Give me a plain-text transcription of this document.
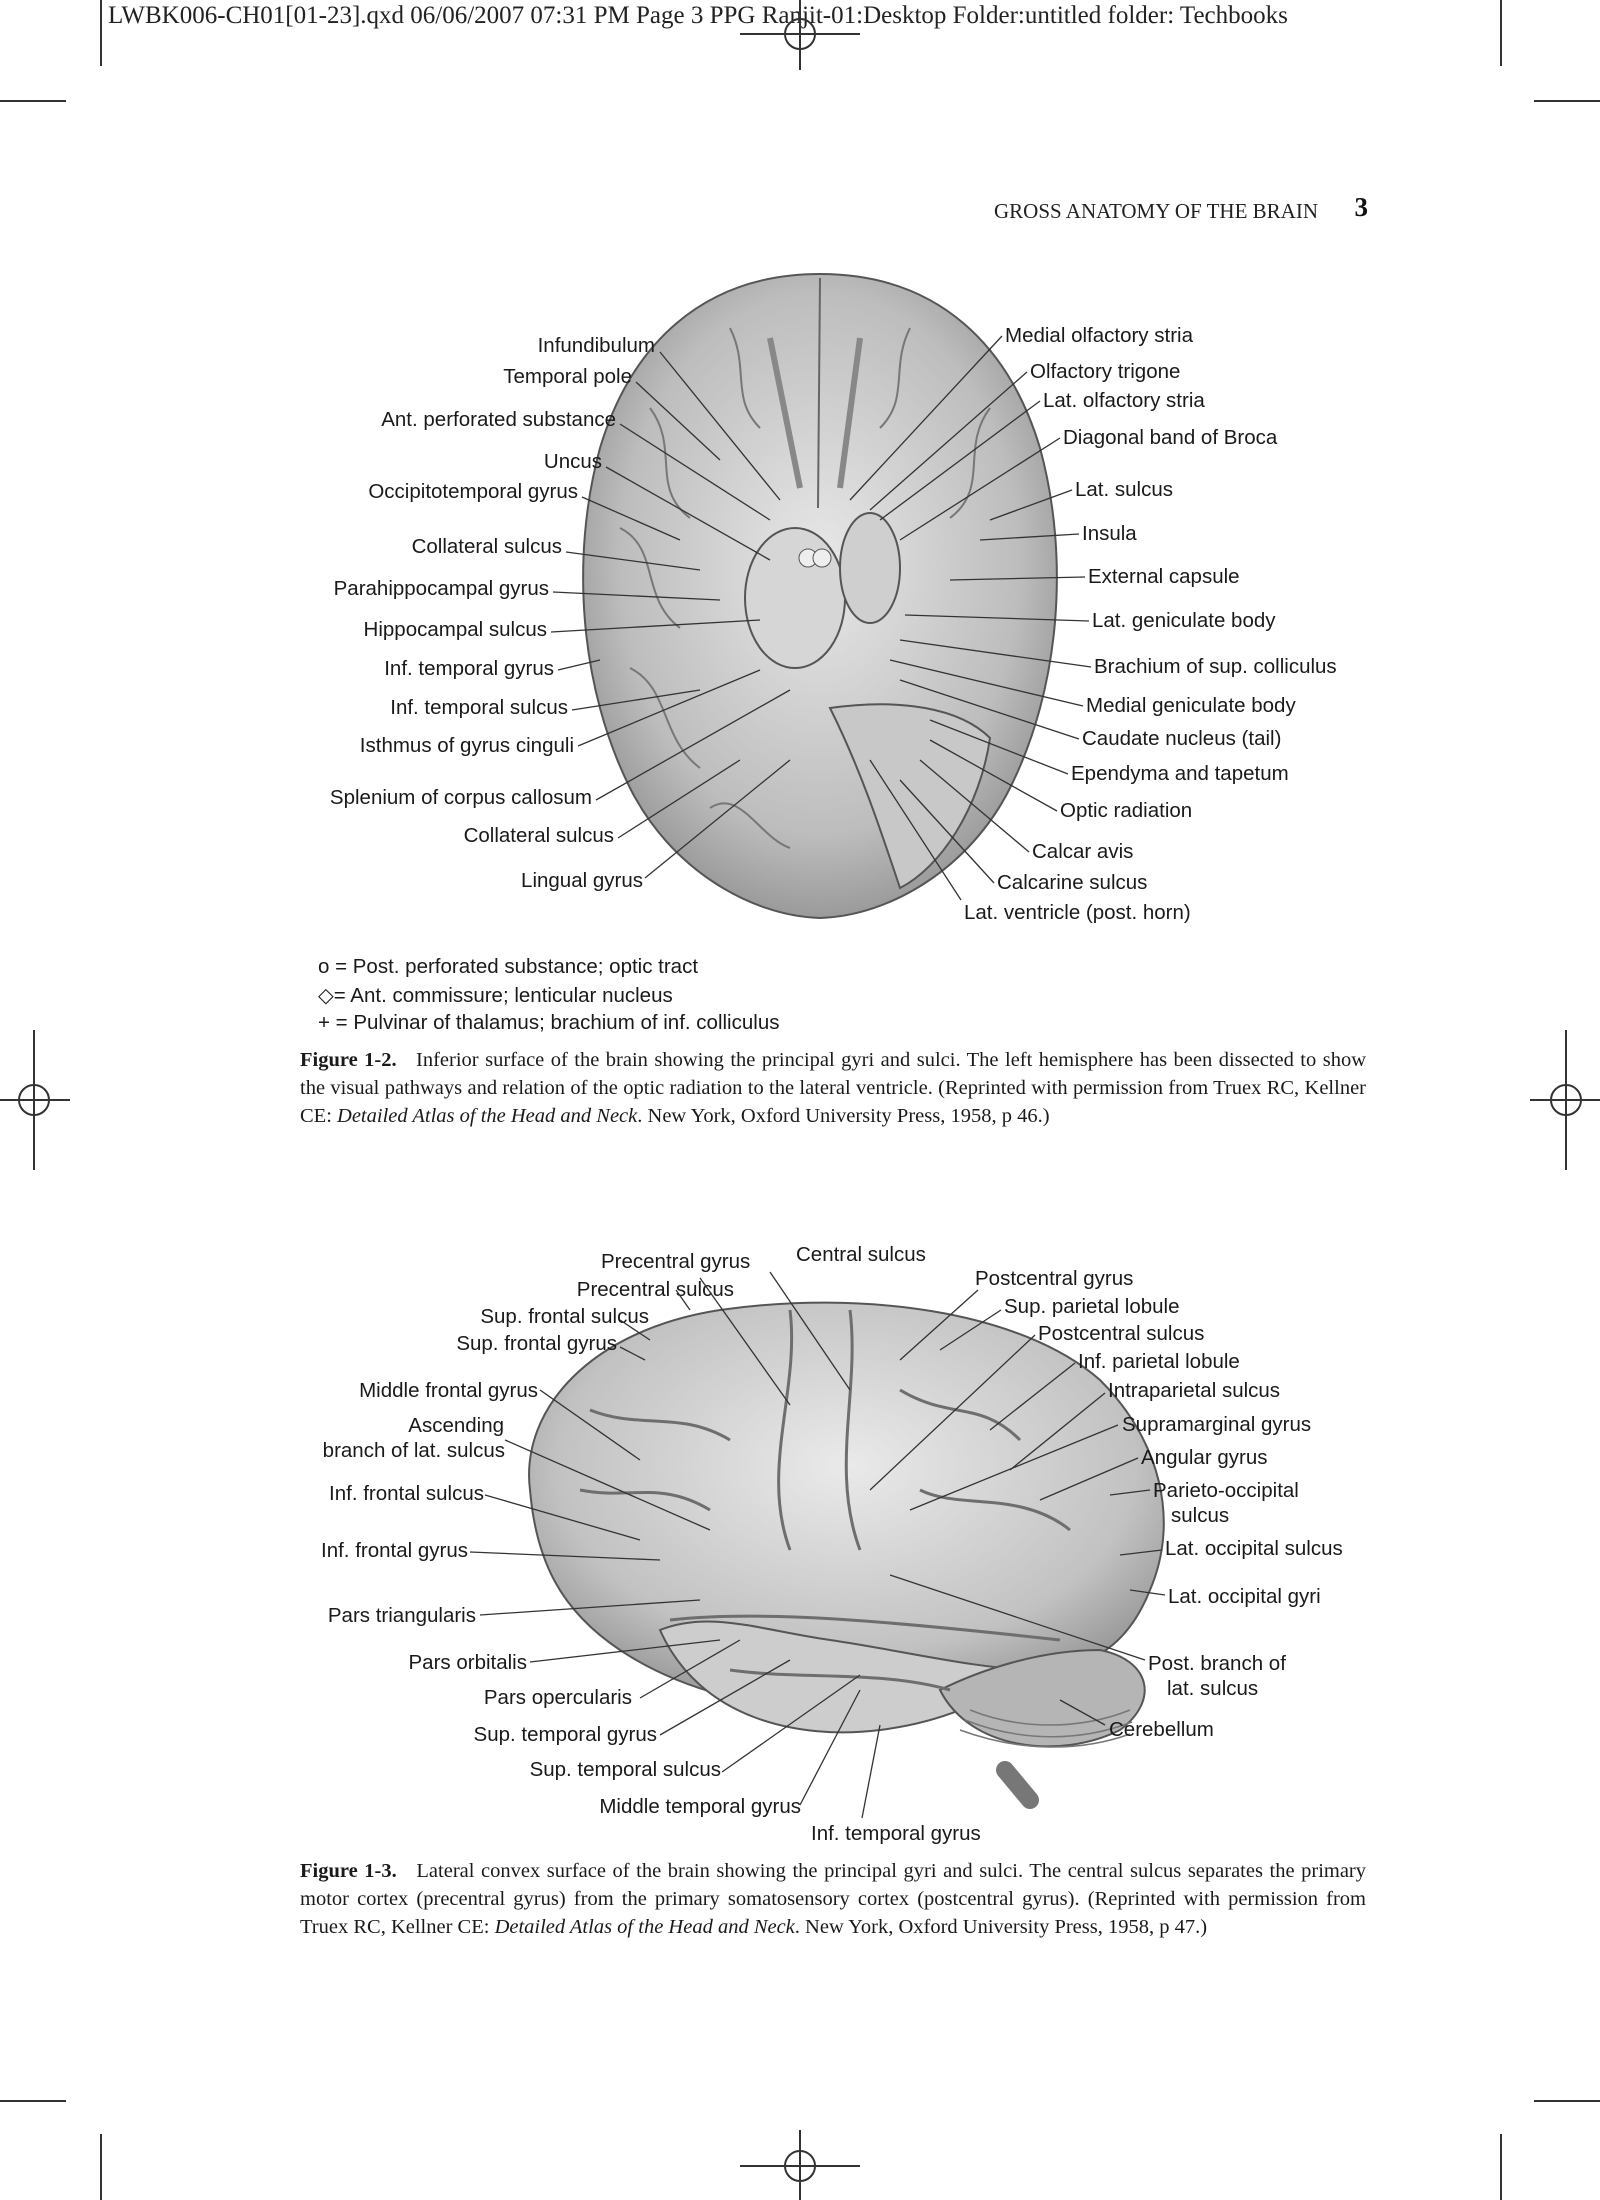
LWBK006-CH01[01-23].qxd 06/06/2007 07:31 PM Page 3 PPG Ranjit-01:Desktop Folder:untitled folder: Techbooks
GROSS ANATOMY OF THE BRAIN 3
Infundibulum
Temporal pole
Ant. perforated substance
Uncus
Occipitotemporal gyrus
Collateral sulcus
Parahippocampal gyrus
Hippocampal sulcus
Inf. temporal gyrus
Inf. temporal sulcus
Isthmus of gyrus cinguli
Splenium of corpus callosum
Collateral sulcus
Lingual gyrus
Medial olfactory stria
Olfactory trigone
Lat. olfactory stria
Diagonal band of Broca
Lat. sulcus
Insula
External capsule
Lat. geniculate body
Brachium of sup. colliculus
Medial geniculate body
Caudate nucleus (tail)
Ependyma and tapetum
Optic radiation
Calcar avis
Calcarine sulcus
Lat. ventricle (post. horn)
o = Post. perforated substance; optic tract
◇= Ant. commissure; lenticular nucleus
+ = Pulvinar of thalamus; brachium of inf. colliculus

Figure 1-2. Inferior surface of the brain showing the principal gyri and sulci. The left hemisphere has been dissected to show the visual pathways and relation of the optic radiation to the lateral ventricle. (Reprinted with permission from Truex RC, Kellner CE: Detailed Atlas of the Head and Neck. New York, Oxford University Press, 1958, p 46.)

Precentral gyrus Central sulcus
Postcentral gyrus
Precentral sulcus
Sup. frontal sulcus
Sup. frontal gyrus
Middle frontal gyrus
Ascending
branch of lat. sulcus
Inf. frontal sulcus
Inf. frontal gyrus
Pars triangularis
Pars orbitalis
Pars opercularis
Sup. temporal gyrus
Sup. temporal sulcus
Middle temporal gyrus
Inf. temporal gyrus
Sup. parietal lobule
Postcentral sulcus
Inf. parietal lobule
Intraparietal sulcus
Supramarginal gyrus
Angular gyrus
Parieto-occipital
sulcus
Lat. occipital sulcus
Lat. occipital gyri
Post. branch of
lat. sulcus
Cerebellum

Figure 1-3. Lateral convex surface of the brain showing the principal gyri and sulci. The central sulcus separates the primary motor cortex (precentral gyrus) from the primary somatosensory cortex (postcentral gyrus). (Reprinted with permission from Truex RC, Kellner CE: Detailed Atlas of the Head and Neck. New York, Oxford University Press, 1958, p 47.)
